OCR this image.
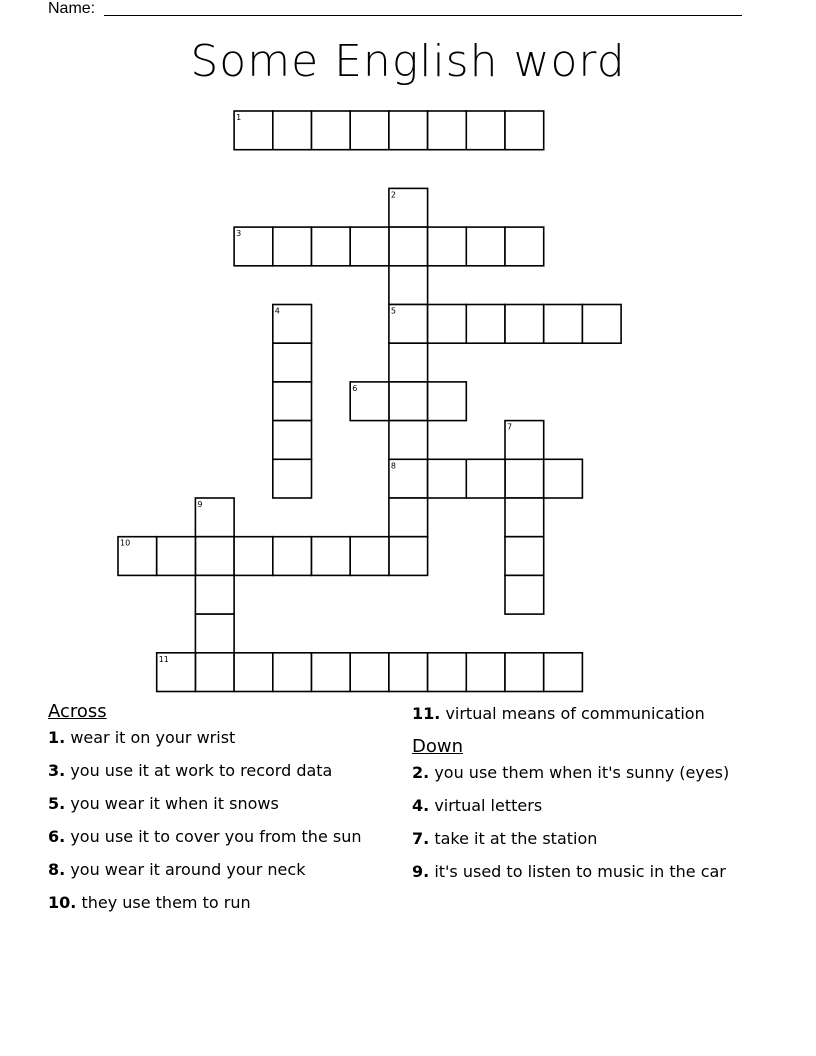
Name:
Some English word
1
2
3
4	5
6
7
8
9
10
11
Across
1. wear it on your wrist
3. you use it at work to record data
5. you wear it when it snows
6. you use it to cover you from the sun
8. you wear it around your neck
10. they use them to run
11. virtual means of communication
Down
2. you use them when it's sunny (eyes)
4. virtual letters
7. take it at the station
9. it's used to listen to music in the car
